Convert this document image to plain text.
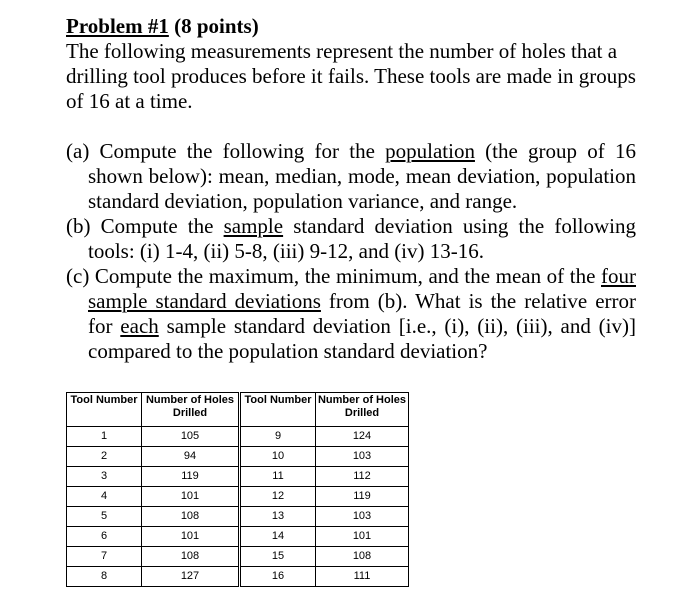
Problem #1 (8 points)

The following measurements represent the number of holes that a drilling tool produces before it fails. These tools are made in groups of 16 at a time.

(a) Compute the following for the population (the group of 16 shown below): mean, median, mode, mean deviation, population standard deviation, population variance, and range.
(b) Compute the sample standard deviation using the following tools: (i) 1-4, (ii) 5-8, (iii) 9-12, and (iv) 13-16.
(c) Compute the maximum, the minimum, and the mean of the four sample standard deviations from (b). What is the relative error for each sample standard deviation [i.e., (i), (ii), (iii), and (iv)] compared to the population standard deviation?
Tool Number	Number of Holes Drilled	Tool Number	Number of Holes Drilled
1	105	9	124
2	94	10	103
3	119	11	112
4	101	12	119
5	108	13	103
6	101	14	101
7	108	15	108
8	127	16	111
